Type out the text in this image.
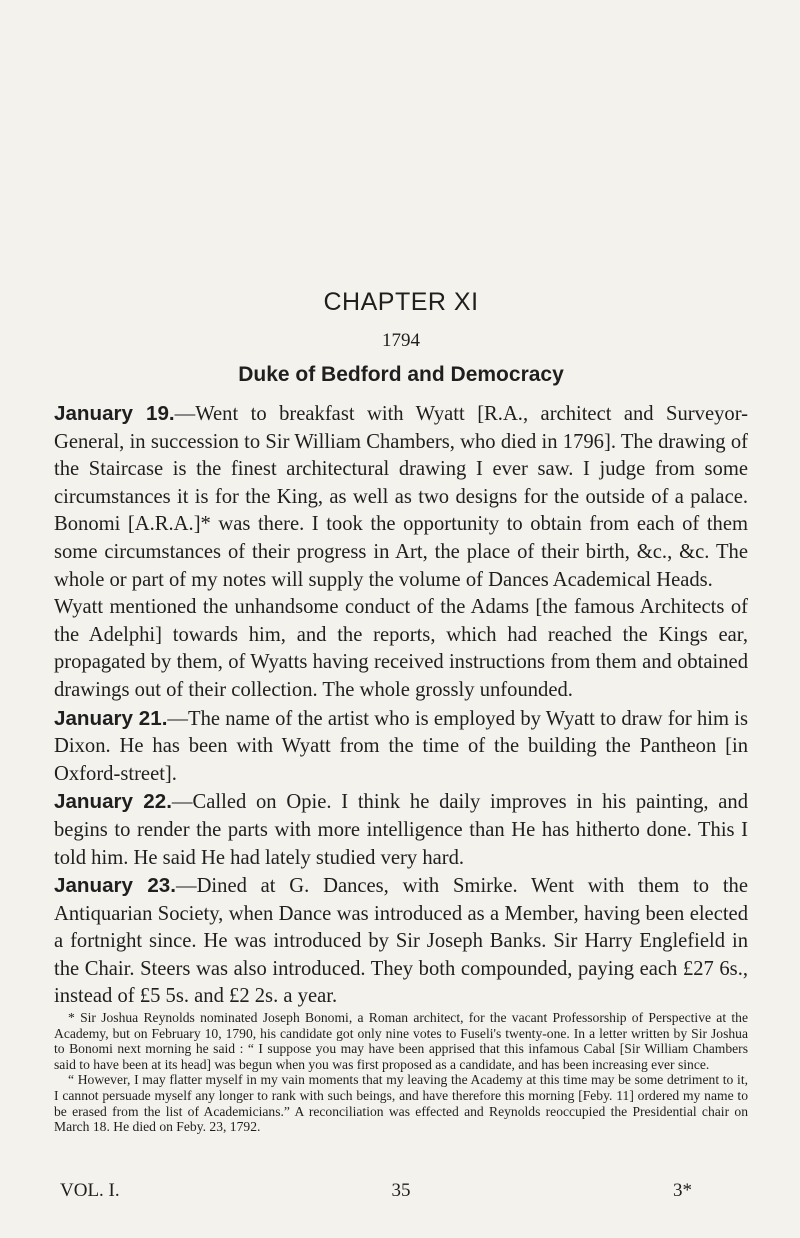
CHAPTER XI
1794
Duke of Bedford and Democracy

January 19.—Went to breakfast with Wyatt [R.A., architect and Surveyor-General, in succession to Sir William Chambers, who died in 1796]. The drawing of the Staircase is the finest architectural drawing I ever saw. I judge from some circumstances it is for the King, as well as two designs for the outside of a palace. Bonomi [A.R.A.]* was there. I took the opportunity to obtain from each of them some circumstances of their progress in Art, the place of their birth, &c., &c. The whole or part of my notes will supply the volume of Dances Academical Heads.

Wyatt mentioned the unhandsome conduct of the Adams [the famous Architects of the Adelphi] towards him, and the reports, which had reached the Kings ear, propagated by them, of Wyatts having received instructions from them and obtained drawings out of their collection. The whole grossly unfounded.

January 21.—The name of the artist who is employed by Wyatt to draw for him is Dixon. He has been with Wyatt from the time of the building the Pantheon [in Oxford-street].

January 22.—Called on Opie. I think he daily improves in his painting, and begins to render the parts with more intelligence than He has hitherto done. This I told him. He said He had lately studied very hard.

January 23.—Dined at G. Dances, with Smirke. Went with them to the Antiquarian Society, when Dance was introduced as a Member, having been elected a fortnight since. He was introduced by Sir Joseph Banks. Sir Harry Englefield in the Chair. Steers was also introduced. They both compounded, paying each £27 6s., instead of £5 5s. and £2 2s. a year.

* Sir Joshua Reynolds nominated Joseph Bonomi, a Roman architect, for the vacant Professorship of Perspective at the Academy, but on February 10, 1790, his candidate got only nine votes to Fuseli's twenty-one. In a letter written by Sir Joshua to Bonomi next morning he said : “ I suppose you may have been apprised that this infamous Cabal [Sir William Chambers said to have been at its head] was begun when you was first proposed as a candidate, and has been increasing ever since.

“ However, I may flatter myself in my vain moments that my leaving the Academy at this time may be some detriment to it, I cannot persuade myself any longer to rank with such beings, and have therefore this morning [Feby. 11] ordered my name to be erased from the list of Academicians.” A reconciliation was effected and Reynolds reoccupied the Presidential chair on March 18. He died on Feby. 23, 1792.

VOL. I.	35	3*
